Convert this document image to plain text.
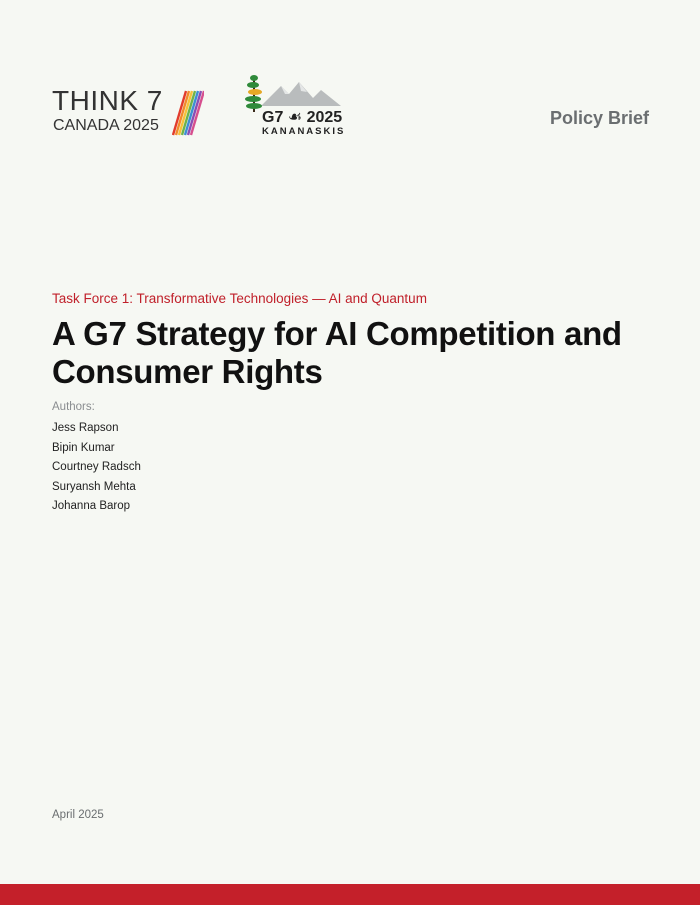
THINK 7
CANADA 2025	G7 ☙ 2025
KANANASKIS
Policy Brief
Task Force 1: Transformative Technologies — AI and Quantum
A G7 Strategy for AI Competition and Consumer Rights
Authors:
Jess Rapson
Bipin Kumar
Courtney Radsch
Suryansh Mehta
Johanna Barop
April 2025
